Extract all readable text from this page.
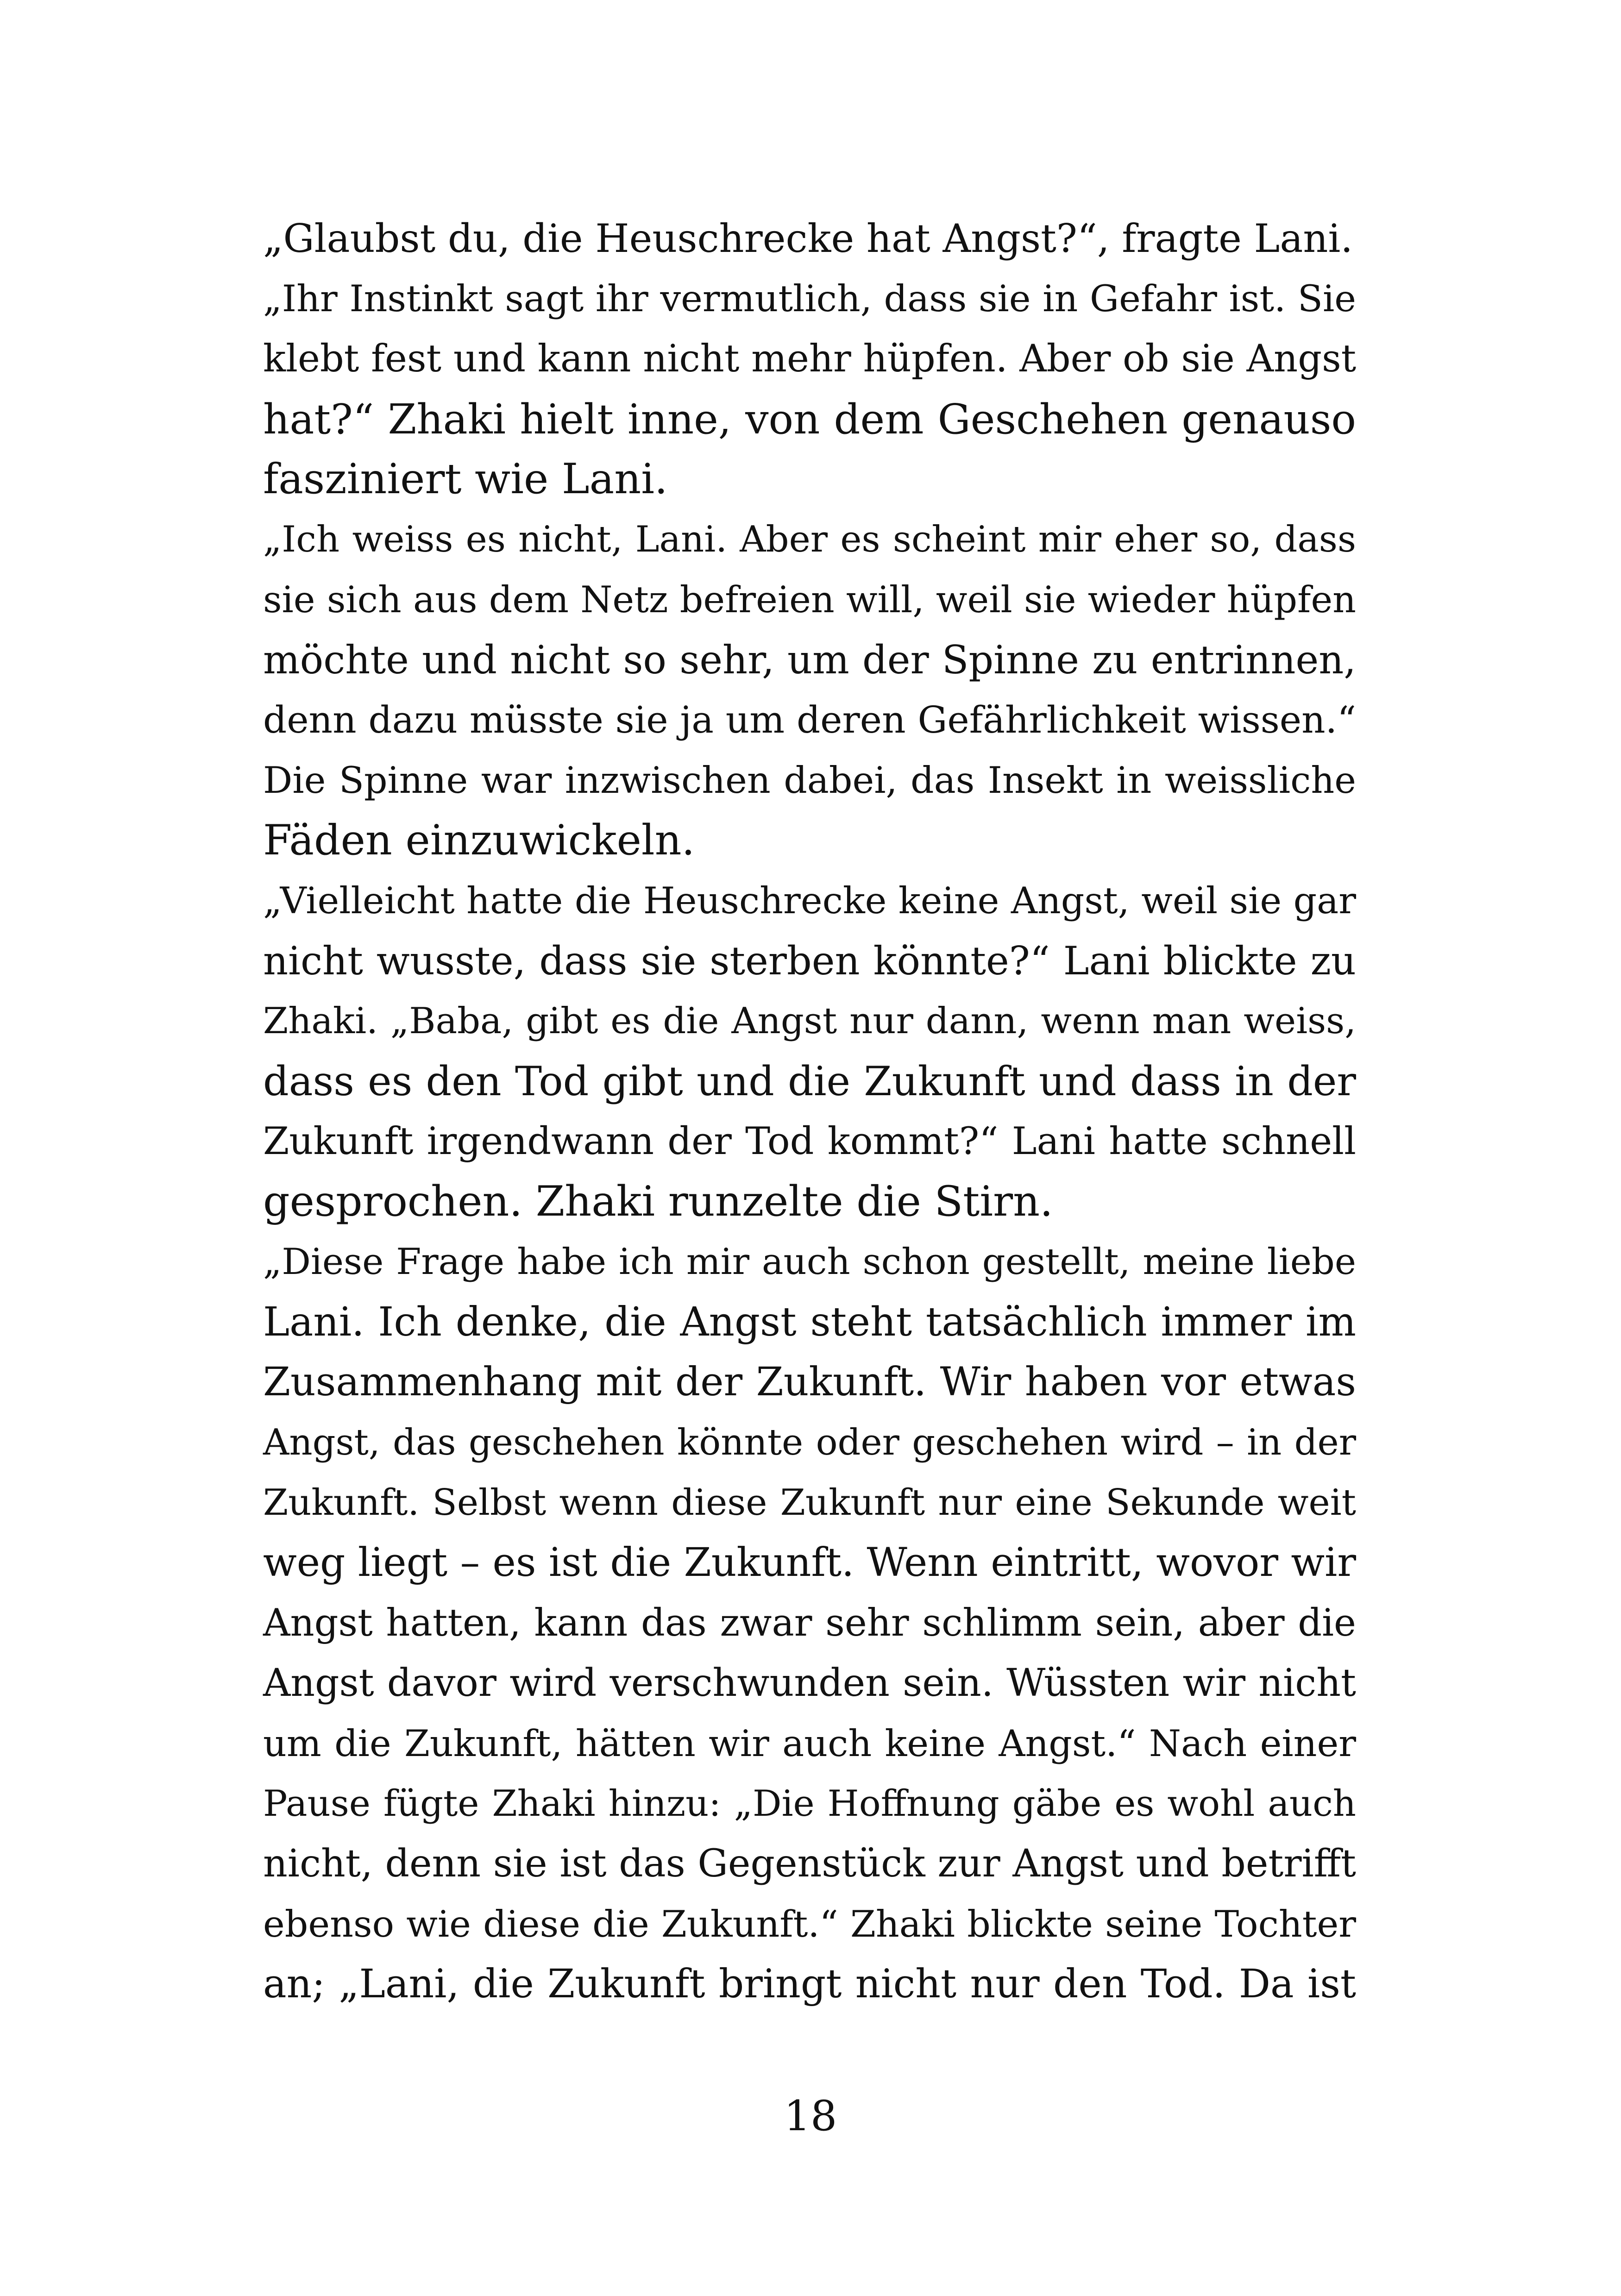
„Glaubst du, die Heuschrecke hat Angst?“, fragte Lani.
„Ihr Instinkt sagt ihr vermutlich, dass sie in Gefahr ist. Sie
klebt fest und kann nicht mehr hüpfen. Aber ob sie Angst
hat?“ Zhaki hielt inne, von dem Geschehen genauso
fasziniert wie Lani.
„Ich weiss es nicht, Lani. Aber es scheint mir eher so, dass
sie sich aus dem Netz befreien will, weil sie wieder hüpfen
möchte und nicht so sehr, um der Spinne zu entrinnen,
denn dazu müsste sie ja um deren Gefährlichkeit wissen.“
Die Spinne war inzwischen dabei, das Insekt in weissliche
Fäden einzuwickeln.
„Vielleicht hatte die Heuschrecke keine Angst, weil sie gar
nicht wusste, dass sie sterben könnte?“ Lani blickte zu
Zhaki. „Baba, gibt es die Angst nur dann, wenn man weiss,
dass es den Tod gibt und die Zukunft und dass in der
Zukunft irgendwann der Tod kommt?“ Lani hatte schnell
gesprochen. Zhaki runzelte die Stirn.
„Diese Frage habe ich mir auch schon gestellt, meine liebe
Lani. Ich denke, die Angst steht tatsächlich immer im
Zusammenhang mit der Zukunft. Wir haben vor etwas
Angst, das geschehen könnte oder geschehen wird – in der
Zukunft. Selbst wenn diese Zukunft nur eine Sekunde weit
weg liegt – es ist die Zukunft. Wenn eintritt, wovor wir
Angst hatten, kann das zwar sehr schlimm sein, aber die
Angst davor wird verschwunden sein. Wüssten wir nicht
um die Zukunft, hätten wir auch keine Angst.“ Nach einer
Pause fügte Zhaki hinzu: „Die Hoffnung gäbe es wohl auch
nicht, denn sie ist das Gegenstück zur Angst und betrifft
ebenso wie diese die Zukunft.“ Zhaki blickte seine Tochter
an; „Lani, die Zukunft bringt nicht nur den Tod. Da ist
18
